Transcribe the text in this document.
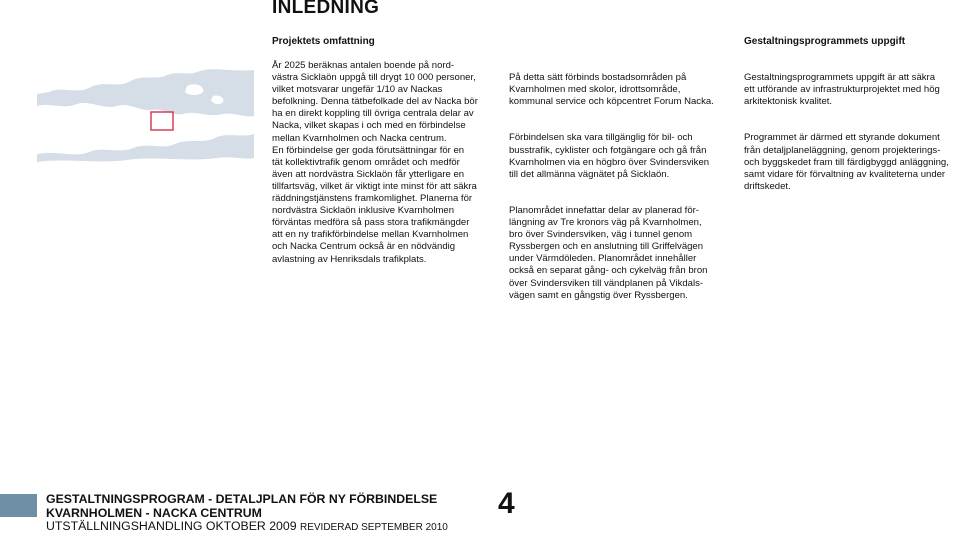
INLEDNING
Projektets omfattning	Gestaltningsprogrammets uppgift
År 2025 beräknas antalen boende på nord-
västra Sicklaön uppgå till drygt 10 000 personer,
vilket motsvarar ungefär 1/10 av Nackas
befolkning. Denna tätbefolkade del av Nacka bör
ha en direkt koppling till övriga centrala delar av
Nacka, vilket skapas i och med en förbindelse
mellan Kvarnholmen och Nacka centrum.
En förbindelse ger goda förutsättningar för en
tät kollektivtrafik genom området och medför
även att nordvästra Sicklaön får ytterligare en
tillfartsväg, vilket är viktigt inte minst för att säkra
räddningstjänstens framkomlighet. Planerna för
nordvästra Sicklaön inklusive Kvarnholmen
förväntas medföra så pass stora trafikmängder
att en ny trafikförbindelse mellan Kvarnholmen
och Nacka Centrum också är en nödvändig
avlastning av Henriksdals trafikplats.

På detta sätt förbinds bostadsområden på
Kvarnholmen med skolor, idrottsområde,
kommunal service och köpcentret Forum Nacka.

Förbindelsen ska vara tillgänglig för bil- och
busstrafik, cyklister och fotgängare och gå från
Kvarnholmen via en högbro över Svindersviken
till det allmänna vägnätet på Sicklaön.

Planområdet innefattar delar av planerad för-
längning av Tre kronors väg på Kvarnholmen,
bro över Svindersviken, väg i tunnel genom
Ryssbergen och en anslutning till Griffelvägen
under Värmdöleden. Planområdet innehåller
också en separat gång- och cykelväg från bron
över Svindersviken till vändplanen på Vikdals-
vägen samt en gångstig över Ryssbergen.

Gestaltningsprogrammets uppgift är att säkra
ett utförande av infrastrukturprojektet med hög
arkitektonisk kvalitet.

Programmet är därmed ett styrande dokument
från detaljplaneläggning, genom projekterings-
och byggskedet fram till färdigbyggd anläggning,
samt vidare för förvaltning av kvaliteterna under
driftskedet.

GESTALTNINGSPROGRAM - DETALJPLAN FÖR NY FÖRBINDELSE
KVARNHOLMEN - NACKA CENTRUM
UTSTÄLLNINGSHANDLING OKTOBER 2009 REVIDERAD SEPTEMBER 2010
4
